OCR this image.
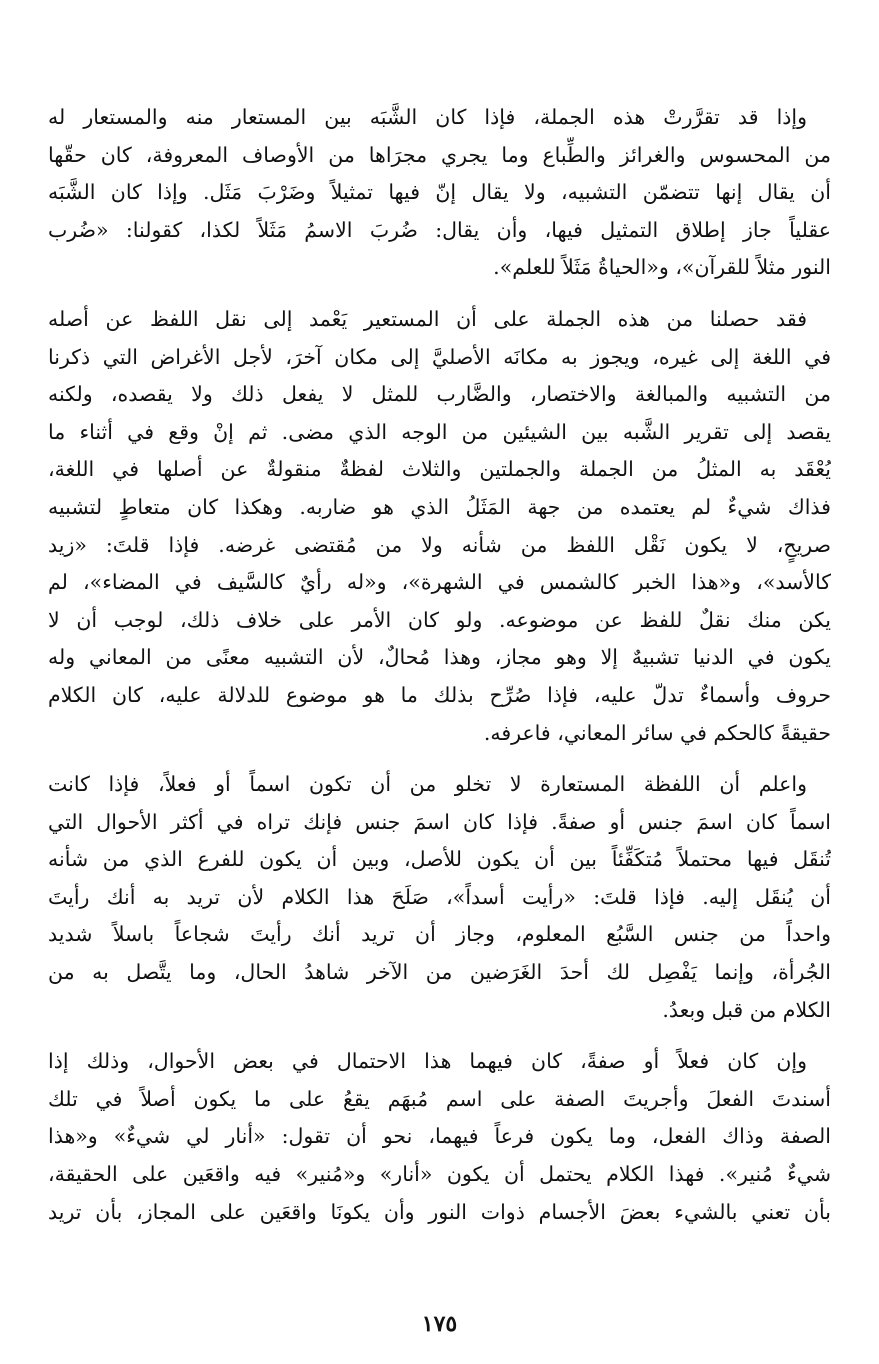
وإذا قد تقرَّرتْ هذه الجملة، فإذا كان الشَّبَه بين المستعار منه والمستعار له
من المحسوس والغرائز والطِّباع وما يجري مجرَاها من الأوصاف المعروفة، كان حقّها
أن يقال إنها تتضمّن التشبيه، ولا يقال إنّ فيها تمثيلاً وضَرْبَ مَثَل. وإذا كان الشَّبَه
عقلياً جاز إطلاق التمثيل فيها، وأن يقال: ضُربَ الاسمُ مَثَلاً لكذا، كقولنا: «ضُرب
النور مثلاً للقرآن»، و«الحياةُ مَثَلاً للعلم».
فقد حصلنا من هذه الجملة على أن المستعير يَعْمد إلى نقل اللفظ عن أصله
في اللغة إلى غيره، ويجوز به مكانَه الأصليَّ إلى مكان آخرَ، لأجل الأغراض التي ذكرنا
من التشبيه والمبالغة والاختصار، والضَّارب للمثل لا يفعل ذلك ولا يقصده، ولكنه
يقصد إلى تقرير الشَّبه بين الشيئين من الوجه الذي مضى. ثم إنْ وقع في أثناء ما
يُعْقَد به المثلُ من الجملة والجملتين والثلاث لفظةٌ منقولةٌ عن أصلها في اللغة،
فذاك شيءٌ لم يعتمده من جهة المَثَلُ الذي هو ضاربه. وهكذا كان متعاطٍ لتشبيه
صريحٍ، لا يكون نَقْل اللفظ من شأنه ولا من مُقتضى غرضه. فإذا قلتَ: «زيد
كالأسد»، و«هذا الخبر كالشمس في الشهرة»، و«له رأيٌ كالسَّيف في المضاء»، لم
يكن منك نقلٌ للفظ عن موضوعه. ولو كان الأمر على خلاف ذلك، لوجب أن لا
يكون في الدنيا تشبيهٌ إلا وهو مجاز، وهذا مُحالٌ، لأن التشبيه معنًى من المعاني وله
حروف وأسماءٌ تدلّ عليه، فإذا صُرِّح بذلك ما هو موضوع للدلالة عليه، كان الكلام
حقيقةً كالحكم في سائر المعاني، فاعرفه.
واعلم أن اللفظة المستعارة لا تخلو من أن تكون اسماً أو فعلاً، فإذا كانت
اسماً كان اسمَ جنس أو صفةً. فإذا كان اسمَ جنس فإنك تراه في أكثر الأحوال التي
تُنقَل فيها محتملاً مُتكَفِّئاً بين أن يكون للأصل، وبين أن يكون للفرع الذي من شأنه
أن يُنقَل إليه. فإذا قلتَ: «رأيت أسداً»، صَلَحَ هذا الكلام لأن تريد به أنك رأيتَ
واحداً من جنس السَّبُع المعلوم، وجاز أن تريد أنك رأيتَ شجاعاً باسلاً شديد
الجُرأة، وإنما يَفْصِل لك أحدَ الغَرَضين من الآخر شاهدُ الحال، وما يتَّصل به من
الكلام من قبل وبعدُ.
وإن كان فعلاً أو صفةً، كان فيهما هذا الاحتمال في بعض الأحوال، وذلك إذا
أسندتَ الفعلَ وأجريتَ الصفة على اسم مُبهَم يقعُ على ما يكون أصلاً في تلك
الصفة وذاك الفعل، وما يكون فرعاً فيهما، نحو أن تقول: «أنار لي شيءٌ» و«هذا
شيءٌ مُنير». فهذا الكلام يحتمل أن يكون «أنار» و«مُنير» فيه واقعَين على الحقيقة،
بأن تعني بالشيء بعضَ الأجسام ذوات النور وأن يكونَا واقعَين على المجاز، بأن تريد
١٧٥
